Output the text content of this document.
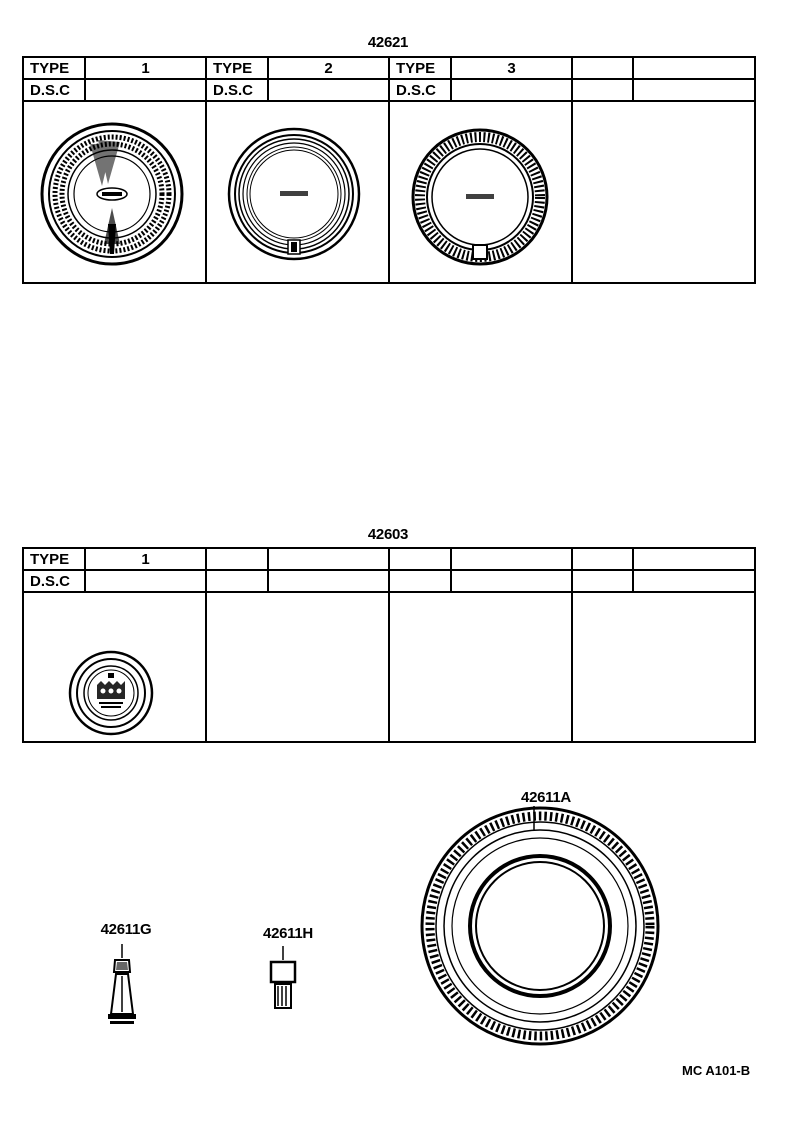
42621
TYPE	1	TYPE	2	TYPE	3		
D.S.C		D.S.C		D.S.C			

42603
TYPE	1						
D.S.C							

42611A
42611G	42611H
MC A101-B
